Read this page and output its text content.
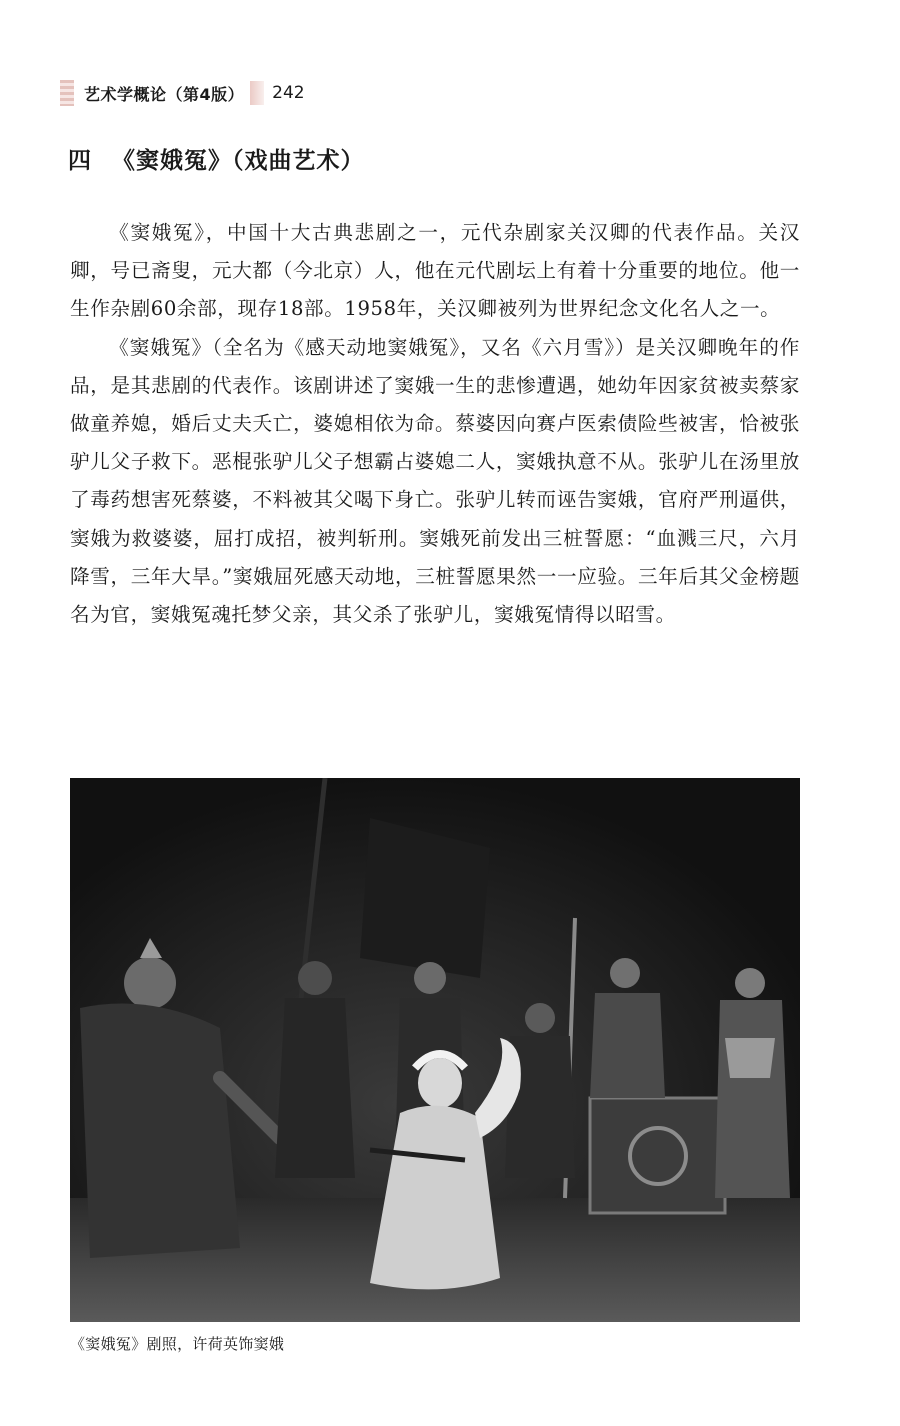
艺术学概论（第4版） 242
四 《窦娥冤》（戏曲艺术）

《窦娥冤》，中国十大古典悲剧之一，元代杂剧家关汉卿的代表作品。关汉卿，号已斋叟，元大都（今北京）人，他在元代剧坛上有着十分重要的地位。他一生作杂剧60余部，现存18部。1958年，关汉卿被列为世界纪念文化名人之一。

《窦娥冤》（全名为《感天动地窦娥冤》，又名《六月雪》）是关汉卿晚年的作品，是其悲剧的代表作。该剧讲述了窦娥一生的悲惨遭遇，她幼年因家贫被卖蔡家做童养媳，婚后丈夫夭亡，婆媳相依为命。蔡婆因向赛卢医索债险些被害，恰被张驴儿父子救下。恶棍张驴儿父子想霸占婆媳二人，窦娥执意不从。张驴儿在汤里放了毒药想害死蔡婆，不料被其父喝下身亡。张驴儿转而诬告窦娥，官府严刑逼供，窦娥为救婆婆，屈打成招，被判斩刑。窦娥死前发出三桩誓愿：“血溅三尺，六月降雪，三年大旱。”窦娥屈死感天动地，三桩誓愿果然一一应验。三年后其父金榜题名为官，窦娥冤魂托梦父亲，其父杀了张驴儿，窦娥冤情得以昭雪。

《窦娥冤》剧照，许荷英饰窦娥
